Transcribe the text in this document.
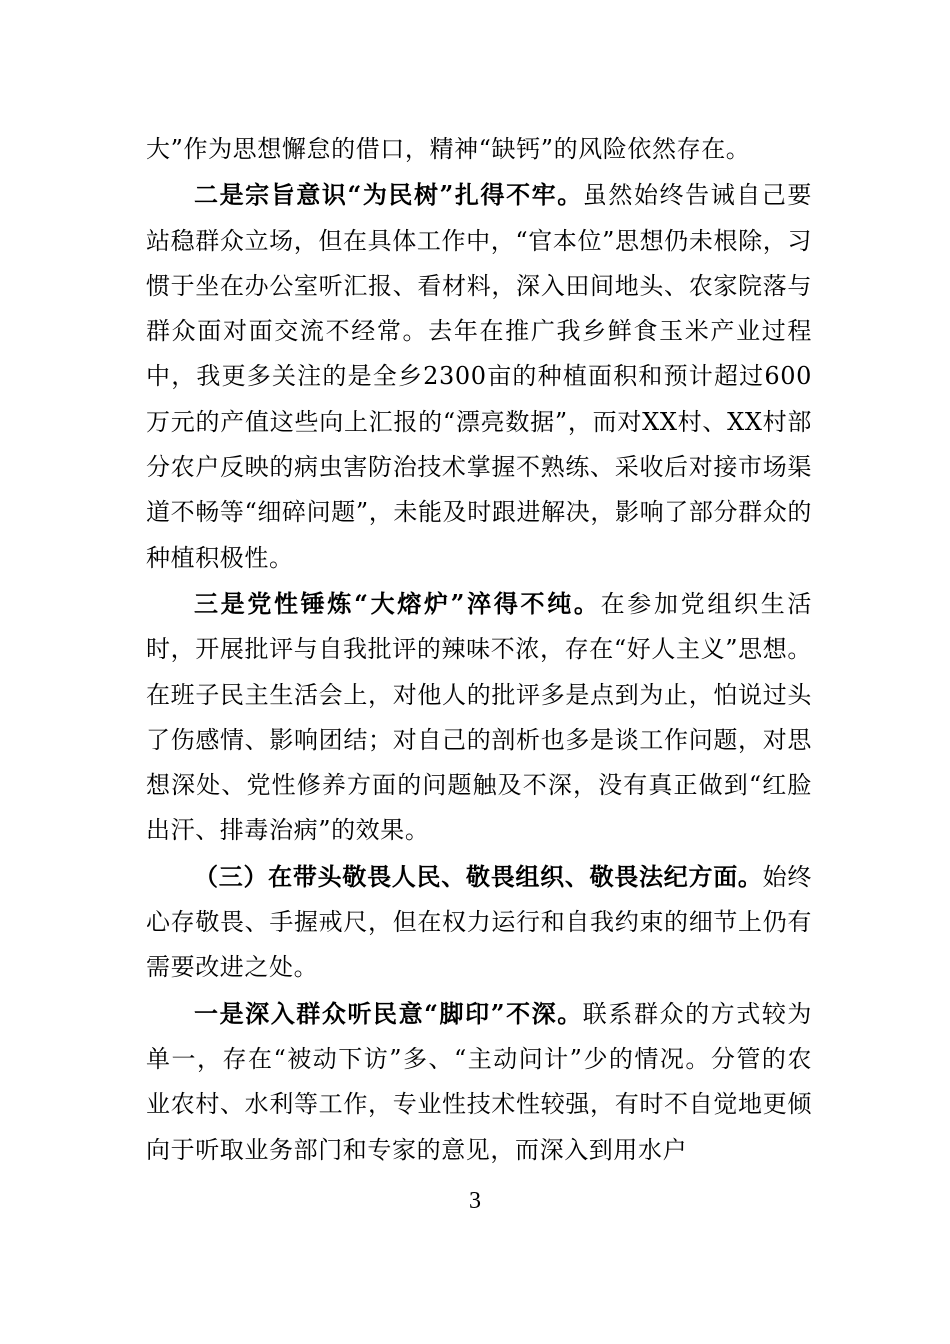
大”作为思想懈怠的借口，精神“缺钙”的风险依然存在。

二是宗旨意识“为民树”扎得不牢。虽然始终告诫自己要站稳群众立场，但在具体工作中，“官本位”思想仍未根除，习惯于坐在办公室听汇报、看材料，深入田间地头、农家院落与群众面对面交流不经常。去年在推广我乡鲜食玉米产业过程中，我更多关注的是全乡2300亩的种植面积和预计超过600万元的产值这些向上汇报的“漂亮数据”，而对XX村、XX村部分农户反映的病虫害防治技术掌握不熟练、采收后对接市场渠道不畅等“细碎问题”，未能及时跟进解决，影响了部分群众的种植积极性。

三是党性锤炼“大熔炉”淬得不纯。在参加党组织生活时，开展批评与自我批评的辣味不浓，存在“好人主义”思想。在班子民主生活会上，对他人的批评多是点到为止，怕说过头了伤感情、影响团结；对自己的剖析也多是谈工作问题，对思想深处、党性修养方面的问题触及不深，没有真正做到“红脸出汗、排毒治病”的效果。

（三）在带头敬畏人民、敬畏组织、敬畏法纪方面。始终心存敬畏、手握戒尺，但在权力运行和自我约束的细节上仍有需要改进之处。

一是深入群众听民意“脚印”不深。联系群众的方式较为单一，存在“被动下访”多、“主动问计”少的情况。分管的农业农村、水利等工作，专业性技术性较强，有时不自觉地更倾向于听取业务部门和专家的意见，而深入到用水户

3
